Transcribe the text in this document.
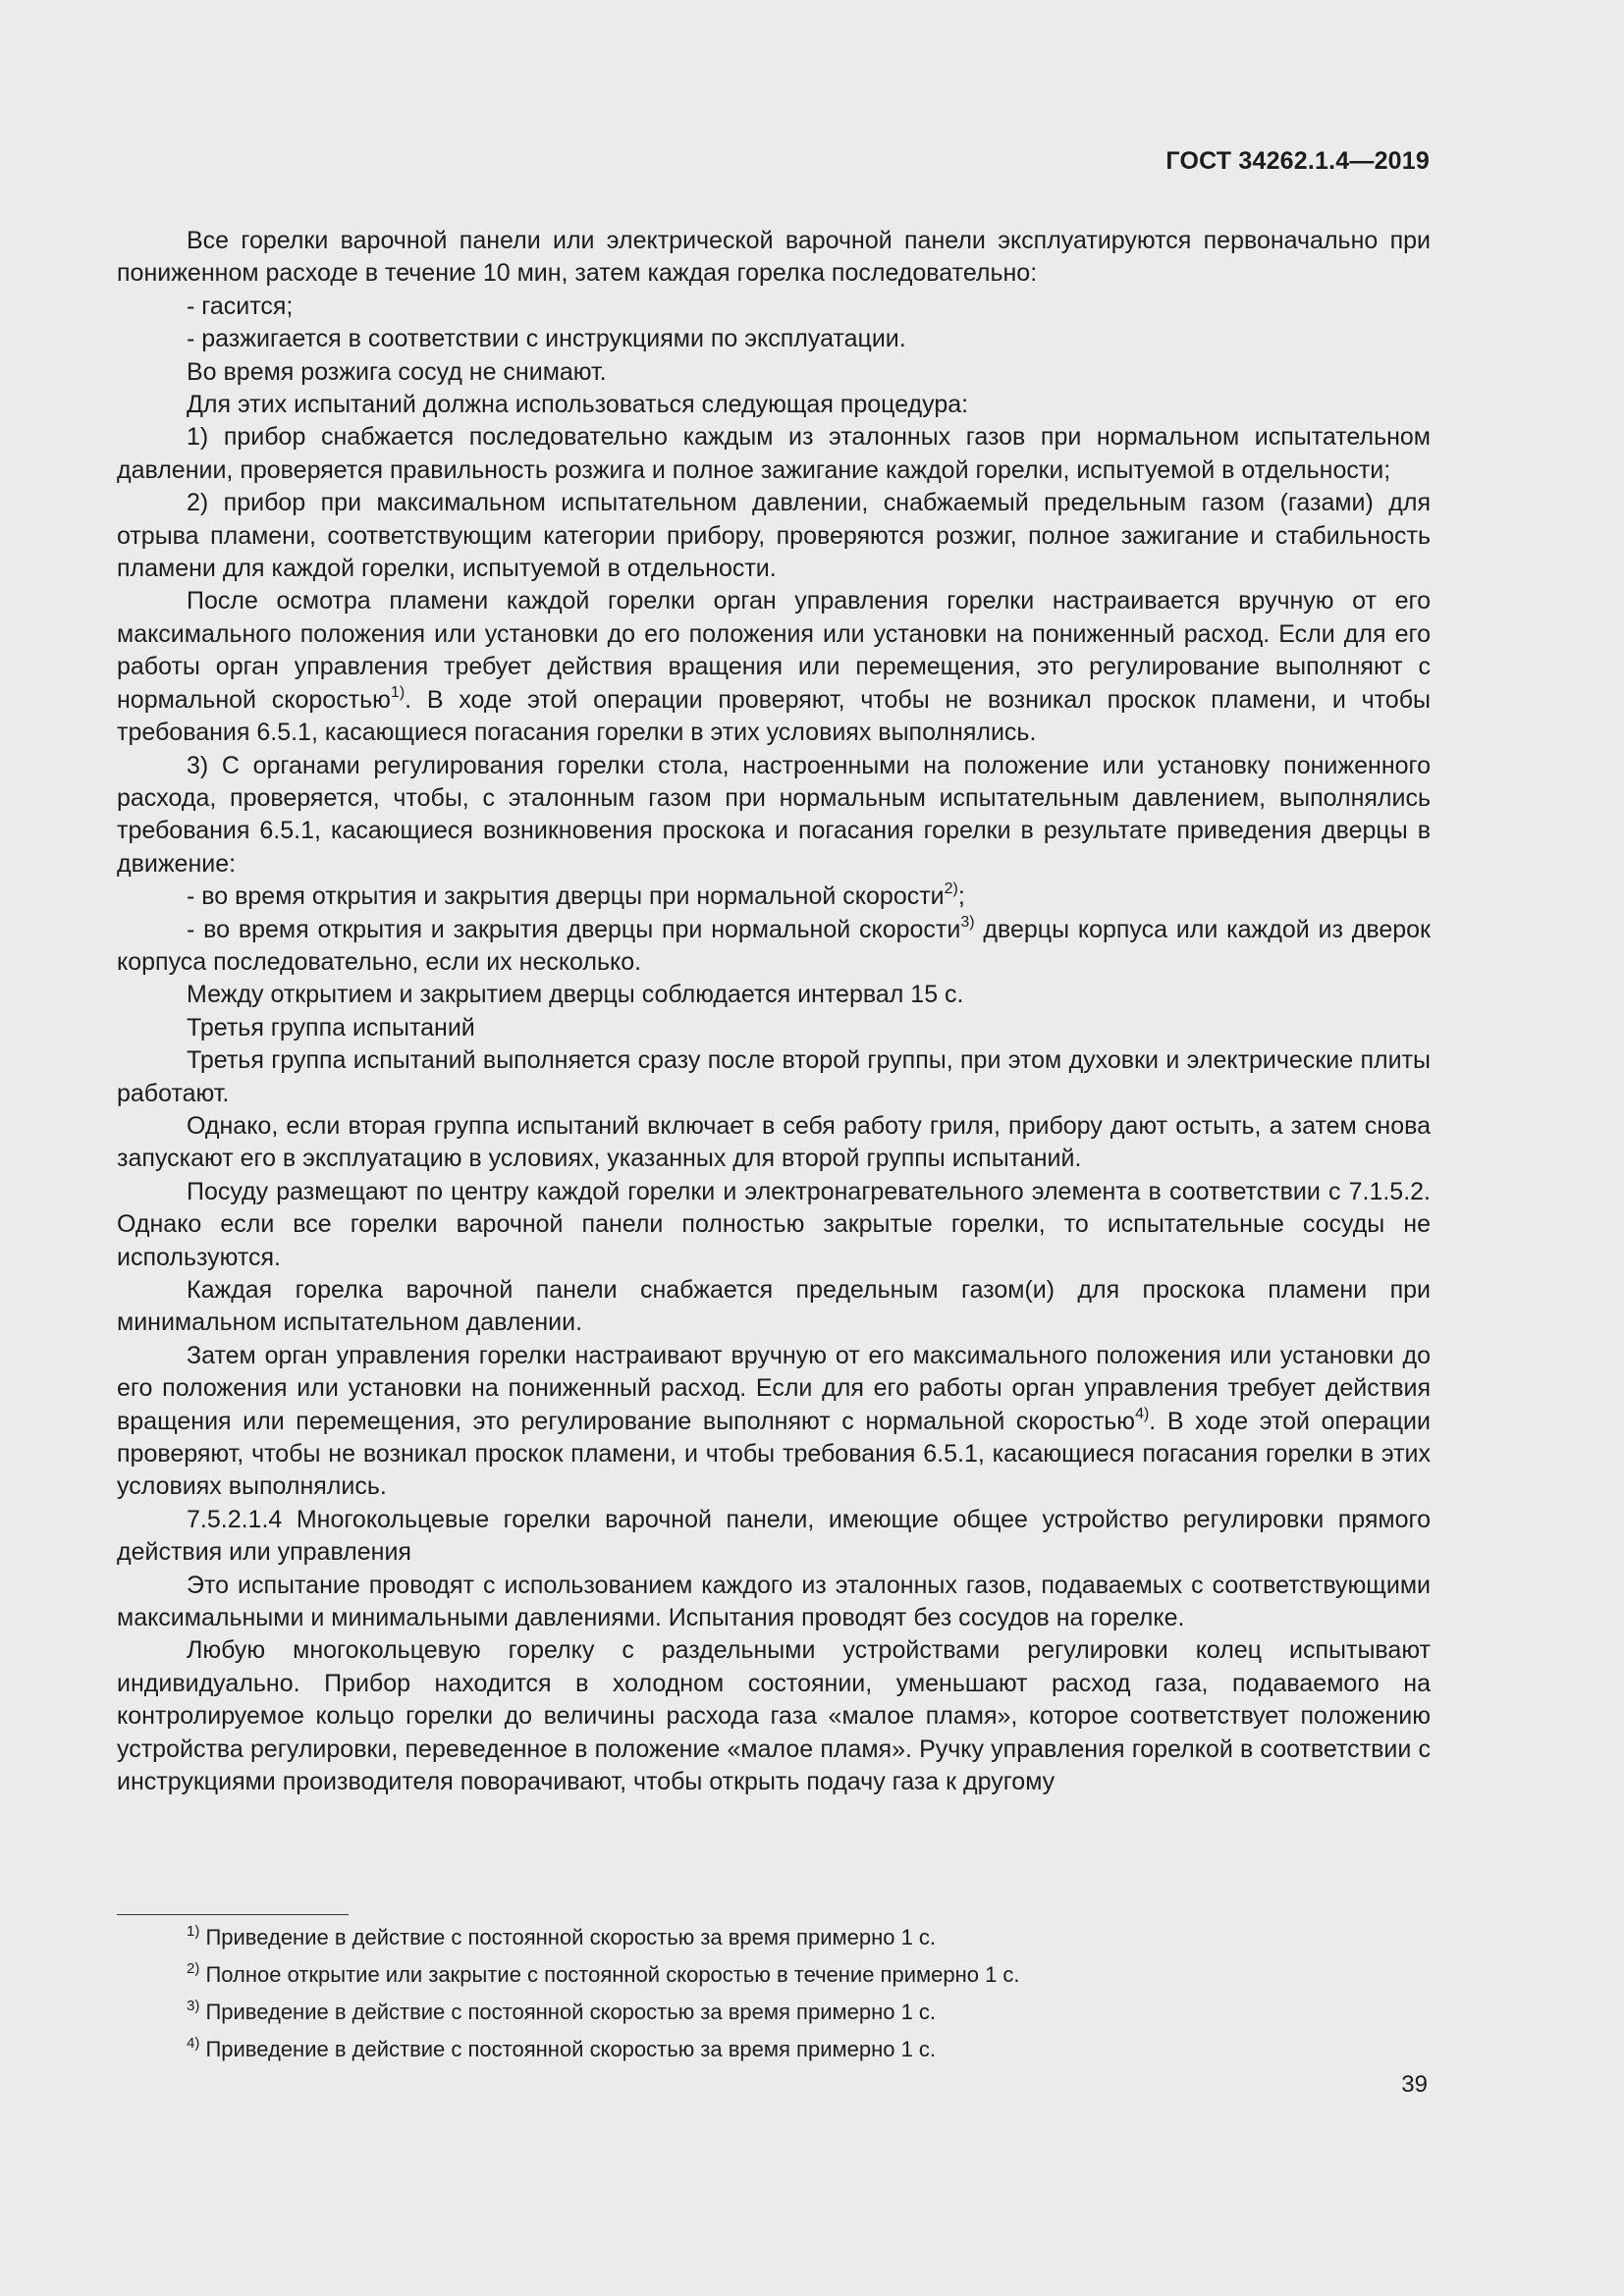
ГОСТ 34262.1.4—2019

Все горелки варочной панели или электрической варочной панели эксплуатируются первоначально при пониженном расходе в течение 10 мин, затем каждая горелка последовательно:

- гасится;

- разжигается в соответствии с инструкциями по эксплуатации.

Во время розжига сосуд не снимают.

Для этих испытаний должна использоваться следующая процедура:

1) прибор снабжается последовательно каждым из эталонных газов при нормальном испытательном давлении, проверяется правильность розжига и полное зажигание каждой горелки, испытуемой в отдельности;

2) прибор при максимальном испытательном давлении, снабжаемый предельным газом (газами) для отрыва пламени, соответствующим категории прибору, проверяются розжиг, полное зажигание и стабильность пламени для каждой горелки, испытуемой в отдельности.

После осмотра пламени каждой горелки орган управления горелки настраивается вручную от его максимального положения или установки до его положения или установки на пониженный расход. Если для его работы орган управления требует действия вращения или перемещения, это регулирование выполняют с нормальной скоростью$^{1)}$. В ходе этой операции проверяют, чтобы не возникал проскок пламени, и чтобы требования 6.5.1, касающиеся погасания горелки в этих условиях выполнялись.

3) С органами регулирования горелки стола, настроенными на положение или установку пониженного расхода, проверяется, чтобы, с эталонным газом при нормальным испытательным давлением, выполнялись требования 6.5.1, касающиеся возникновения проскока и погасания горелки в результате приведения дверцы в движение:

- во время открытия и закрытия дверцы при нормальной скорости$^{2)}$;

- во время открытия и закрытия дверцы при нормальной скорости$^{3)}$ дверцы корпуса или каждой из дверок корпуса последовательно, если их несколько.

Между открытием и закрытием дверцы соблюдается интервал 15 с.

Третья группа испытаний

Третья группа испытаний выполняется сразу после второй группы, при этом духовки и электрические плиты работают.

Однако, если вторая группа испытаний включает в себя работу гриля, прибору дают остыть, а затем снова запускают его в эксплуатацию в условиях, указанных для второй группы испытаний.

Посуду размещают по центру каждой горелки и электронагревательного элемента в соответствии с 7.1.5.2. Однако если все горелки варочной панели полностью закрытые горелки, то испытательные сосуды не используются.

Каждая горелка варочной панели снабжается предельным газом(и) для проскока пламени при минимальном испытательном давлении.

Затем орган управления горелки настраивают вручную от его максимального положения или установки до его положения или установки на пониженный расход. Если для его работы орган управления требует действия вращения или перемещения, это регулирование выполняют с нормальной скоростью$^{4)}$. В ходе этой операции проверяют, чтобы не возникал проскок пламени, и чтобы требования 6.5.1, касающиеся погасания горелки в этих условиях выполнялись.

7.5.2.1.4 Многокольцевые горелки варочной панели, имеющие общее устройство регулировки прямого действия или управления

Это испытание проводят с использованием каждого из эталонных газов, подаваемых с соответствующими максимальными и минимальными давлениями. Испытания проводят без сосудов на горелке.

Любую многокольцевую горелку с раздельными устройствами регулировки колец испытывают индивидуально. Прибор находится в холодном состоянии, уменьшают расход газа, подаваемого на контролируемое кольцо горелки до величины расхода газа «малое пламя», которое соответствует положению устройства регулировки, переведенное в положение «малое пламя». Ручку управления горелкой в соответствии с инструкциями производителя поворачивают, чтобы открыть подачу газа к другому

$^{1)}$ Приведение в действие с постоянной скоростью за время примерно 1 с.

$^{2)}$ Полное открытие или закрытие с постоянной скоростью в течение примерно 1 с.

$^{3)}$ Приведение в действие с постоянной скоростью за время примерно 1 с.

$^{4)}$ Приведение в действие с постоянной скоростью за время примерно 1 с.

39
